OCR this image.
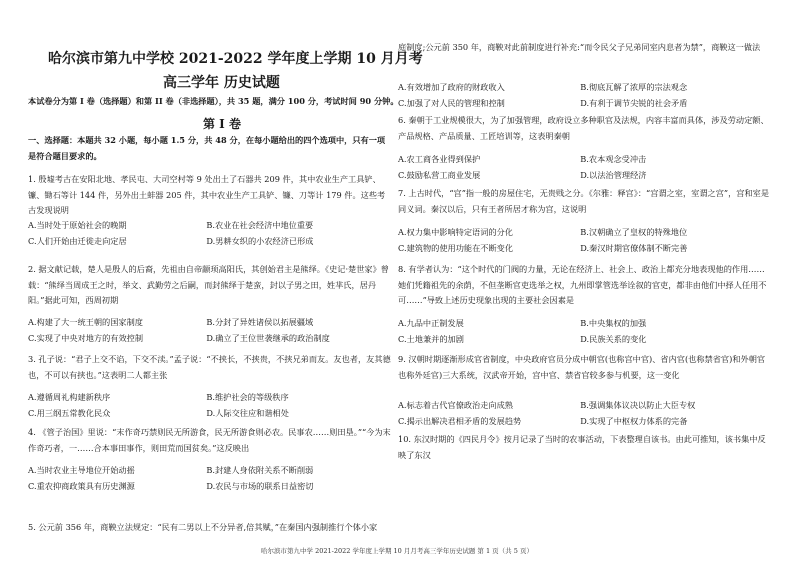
哈尔滨市第九中学校 2021-2022 学年度上学期 10 月月考
高三学年 历史试题
本试卷分为第 I 卷（选择题）和第 II 卷（非选择题），共 35 题，满分 100 分，考试时间 90 分钟。
第 I 卷
一、选择题：本题共 32 小题，每小题 1.5 分，共 48 分，在每小题给出的四个选项中，只有一项是符合题目要求的。
1. 殷墟考古在安阳北地、孝民屯、大司空村等 9 处出土了石器共 209 件，其中农业生产工具铲、镰、锄石等计 144 件，另外出土蚌器 205 件，其中农业生产工具铲、镰、刀等计 179 件。这些考古发现说明
A.当时处于原始社会的晚期	B.农业在社会经济中地位重要 C.人们开始由迁徙走向定居	D.男耕女织的小农经济已形成
2. 据文献记载，楚人是殷人的后裔，先祖由自帝颛顼高阳氏，其创始君主是熊绎。《史记·楚世家》曾载：“熊绎当周成王之时，举文、武勤劳之后嗣，而封熊绎于楚蛮，封以子男之田，姓芈氏，居丹阳。”据此可知，西周初期
A.构建了大一统王朝的国家制度	B.分封了异姓诸侯以拓展疆域 C.实现了中央对地方的有效控制	D.确立了王位世袭继承的政治制度
3. 孔子说：“君子上交不谄，下交不渎。”孟子说：“不挟长，不挟贵，不挟兄弟而友。友也者，友其德也，不可以有挟也。”这表明二人都主张
A.遵循周礼构建新秩序	B.维护社会的等级秩序 C.用三纲五常教化民众	D.人际交往应和谐相处
4. 《管子治国》里说：“末作奇巧禁则民无所游食，民无所游食则必农。民事农……则田垦。”“今为末作奇巧者，一……合本事田事作，则田荒而国贫矣。”这反映出
A.当时农业主导地位开始动摇	B.封建人身依附关系不断削弱 C.重农抑商政策具有历史渊源	D.农民与市场的联系日益密切
5. 公元前 356 年，商鞅立法规定：“民有二男以上不分异者,倍其赋，”在秦国内强制推行个体小家
庭制度;公元前 350 年，商鞅对此前制度进行补充:“而令民父子兄弟同室内息者为禁”，商鞅这一做法
A.有效增加了政府的财政收入	B.彻底瓦解了浓厚的宗法观念 C.加强了对人民的管理和控制	D.有利于调节尖锐的社会矛盾
6. 秦朝于工业规模很大，为了加强管理，政府设立多种职官及法规，内容丰富而具体，涉及劳动定额、产品规格、产品质量、工匠培训等，这表明秦朝
A.农工商各业得到保护	B.农本观念受冲击 C.鼓励私营工商业发展	D.以法治管理经济
7. 上古时代，“宫”指一般的房屋住宅，无贵贱之分。《尔雅：释宫》：“宫谓之室，室谓之宫”，宫和室是同义词。秦汉以后，只有王者所居才称为宫，这说明
A.权力集中影响特定语词的分化	B.汉朝确立了皇权的特殊地位 C.建筑物的使用功能在不断变化	D.秦汉时期官僚体制不断完善
8. 有学者认为：“这个时代的门阀的力量，无论在经济上、社会上、政治上都充分地表现他的作用……她们凭籍祖先的余荫，不但垄断官吏选举之权，九州即掌管选举诠叙的官吏，都非由他们中择人任用不可……”导致上述历史现象出现的主要社会因素是
A.九品中正制发展	B.中央集权的加强 C.土地兼并的加剧	D.民族关系的变化
9. 汉朝时期逐渐形成官省制度，中央政府官员分成中朝官(也称宫中官)、省内官(也称禁省官)和外朝官也称外廷官)三大系统，汉武帝开始，宫中官、禁省官较多参与机要，这一变化
A.标志着古代官僚政治走向成熟	B.强调集体议决以防止大臣专权 C.揭示出解决君相矛盾的发展趋势	D.实现了中枢权力体系的完备
10. 东汉时期的《四民月令》按月记录了当时的农事活动，下表整理自该书。由此可推知，该书集中反映了东汉
哈尔滨市第九中学 2021-2022 学年度上学期 10 月月考高三学年历史试题 第 1 页（共 5 页）
